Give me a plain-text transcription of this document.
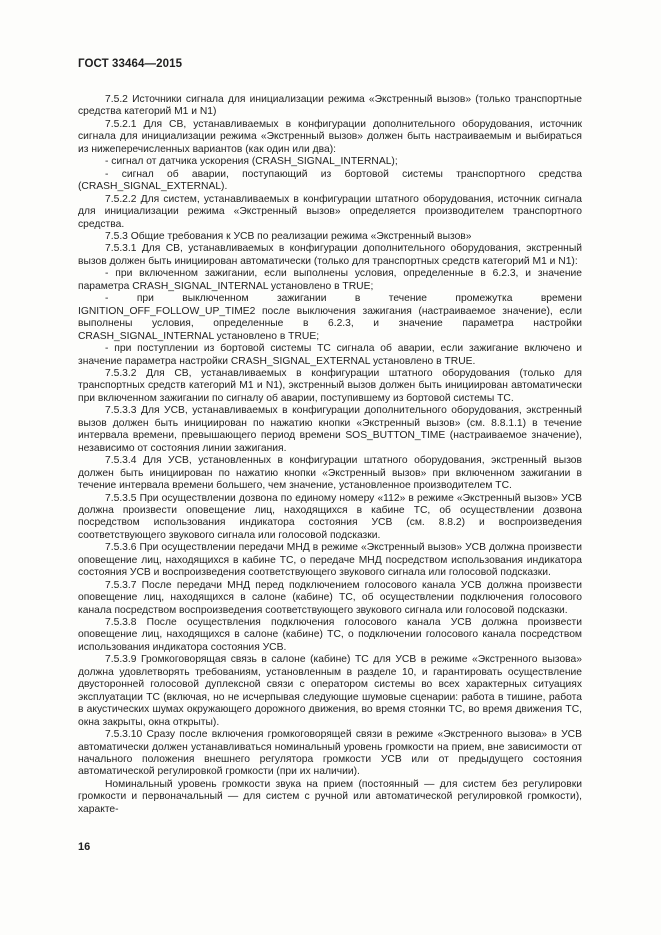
ГОСТ 33464—2015

7.5.2 Источники сигнала для инициализации режима «Экстренный вызов» (только транспортные средства категорий М1 и N1)

7.5.2.1 Для СВ, устанавливаемых в конфигурации дополнительного оборудования, источник сигнала для инициализации режима «Экстренный вызов» должен быть настраиваемым и выбираться из нижеперечисленных вариантов (как один или два):

- сигнал от датчика ускорения (CRASH_SIGNAL_INTERNAL);

- сигнал об аварии, поступающий из бортовой системы транспортного средства (CRASH_SIGNAL_EXTERNAL).

7.5.2.2 Для систем, устанавливаемых в конфигурации штатного оборудования, источник сигнала для инициализации режима «Экстренный вызов» определяется производителем транспортного средства.

7.5.3 Общие требования к УСВ по реализации режима «Экстренный вызов»

7.5.3.1 Для СВ, устанавливаемых в конфигурации дополнительного оборудования, экстренный вызов должен быть инициирован автоматически (только для транспортных средств категорий М1 и N1):

- при включенном зажигании, если выполнены условия, определенные в 6.2.3, и значение параметра CRASH_SIGNAL_INTERNAL установлено в TRUE;

- при выключенном зажигании в течение промежутка времени IGNITION_OFF_FOLLOW_UP_TIME2 после выключения зажигания (настраиваемое значение), если выполнены условия, определенные в 6.2.3, и значение параметра настройки CRASH_SIGNAL_INTERNAL установлено в TRUE;

- при поступлении из бортовой системы ТС сигнала об аварии, если зажигание включено и значение параметра настройки CRASH_SIGNAL_EXTERNAL установлено в TRUE.

7.5.3.2 Для СВ, устанавливаемых в конфигурации штатного оборудования (только для транспортных средств категорий М1 и N1), экстренный вызов должен быть инициирован автоматически при включенном зажигании по сигналу об аварии, поступившему из бортовой системы ТС.

7.5.3.3 Для УСВ, устанавливаемых в конфигурации дополнительного оборудования, экстренный вызов должен быть инициирован по нажатию кнопки «Экстренный вызов» (см. 8.8.1.1) в течение интервала времени, превышающего период времени SOS_BUTTON_TIME (настраиваемое значение), независимо от состояния линии зажигания.

7.5.3.4 Для УСВ, установленных в конфигурации штатного оборудования, экстренный вызов должен быть инициирован по нажатию кнопки «Экстренный вызов» при включенном зажигании в течение интервала времени большего, чем значение, установленное производителем ТС.

7.5.3.5 При осуществлении дозвона по единому номеру «112» в режиме «Экстренный вызов» УСВ должна произвести оповещение лиц, находящихся в кабине ТС, об осуществлении дозвона посредством использования индикатора состояния УСВ (см. 8.8.2) и воспроизведения соответствующего звукового сигнала или голосовой подсказки.

7.5.3.6 При осуществлении передачи МНД в режиме «Экстренный вызов» УСВ должна произвести оповещение лиц, находящихся в кабине ТС, о передаче МНД посредством использования индикатора состояния УСВ и воспроизведения соответствующего звукового сигнала или голосовой подсказки.

7.5.3.7 После передачи МНД перед подключением голосового канала УСВ должна произвести оповещение лиц, находящихся в салоне (кабине) ТС, об осуществлении подключения голосового канала посредством воспроизведения соответствующего звукового сигнала или голосовой подсказки.

7.5.3.8 После осуществления подключения голосового канала УСВ должна произвести оповещение лиц, находящихся в салоне (кабине) ТС, о подключении голосового канала посредством использования индикатора состояния УСВ.

7.5.3.9 Громкоговорящая связь в салоне (кабине) ТС для УСВ в режиме «Экстренного вызова» должна удовлетворять требованиям, установленным в разделе 10, и гарантировать осуществление двусторонней голосовой дуплексной связи с оператором системы во всех характерных ситуациях эксплуатации ТС (включая, но не исчерпывая следующие шумовые сценарии: работа в тишине, работа в акустических шумах окружающего дорожного движения, во время стоянки ТС, во время движения ТС, окна закрыты, окна открыты).

7.5.3.10 Сразу после включения громкоговорящей связи в режиме «Экстренного вызова» в УСВ автоматически должен устанавливаться номинальный уровень громкости на прием, вне зависимости от начального положения внешнего регулятора громкости УСВ или от предыдущего состояния автоматической регулировкой громкости (при их наличии).

Номинальный уровень громкости звука на прием (постоянный — для систем без регулировки громкости и первоначальный — для систем с ручной или автоматической регулировкой громкости), характе-

16
